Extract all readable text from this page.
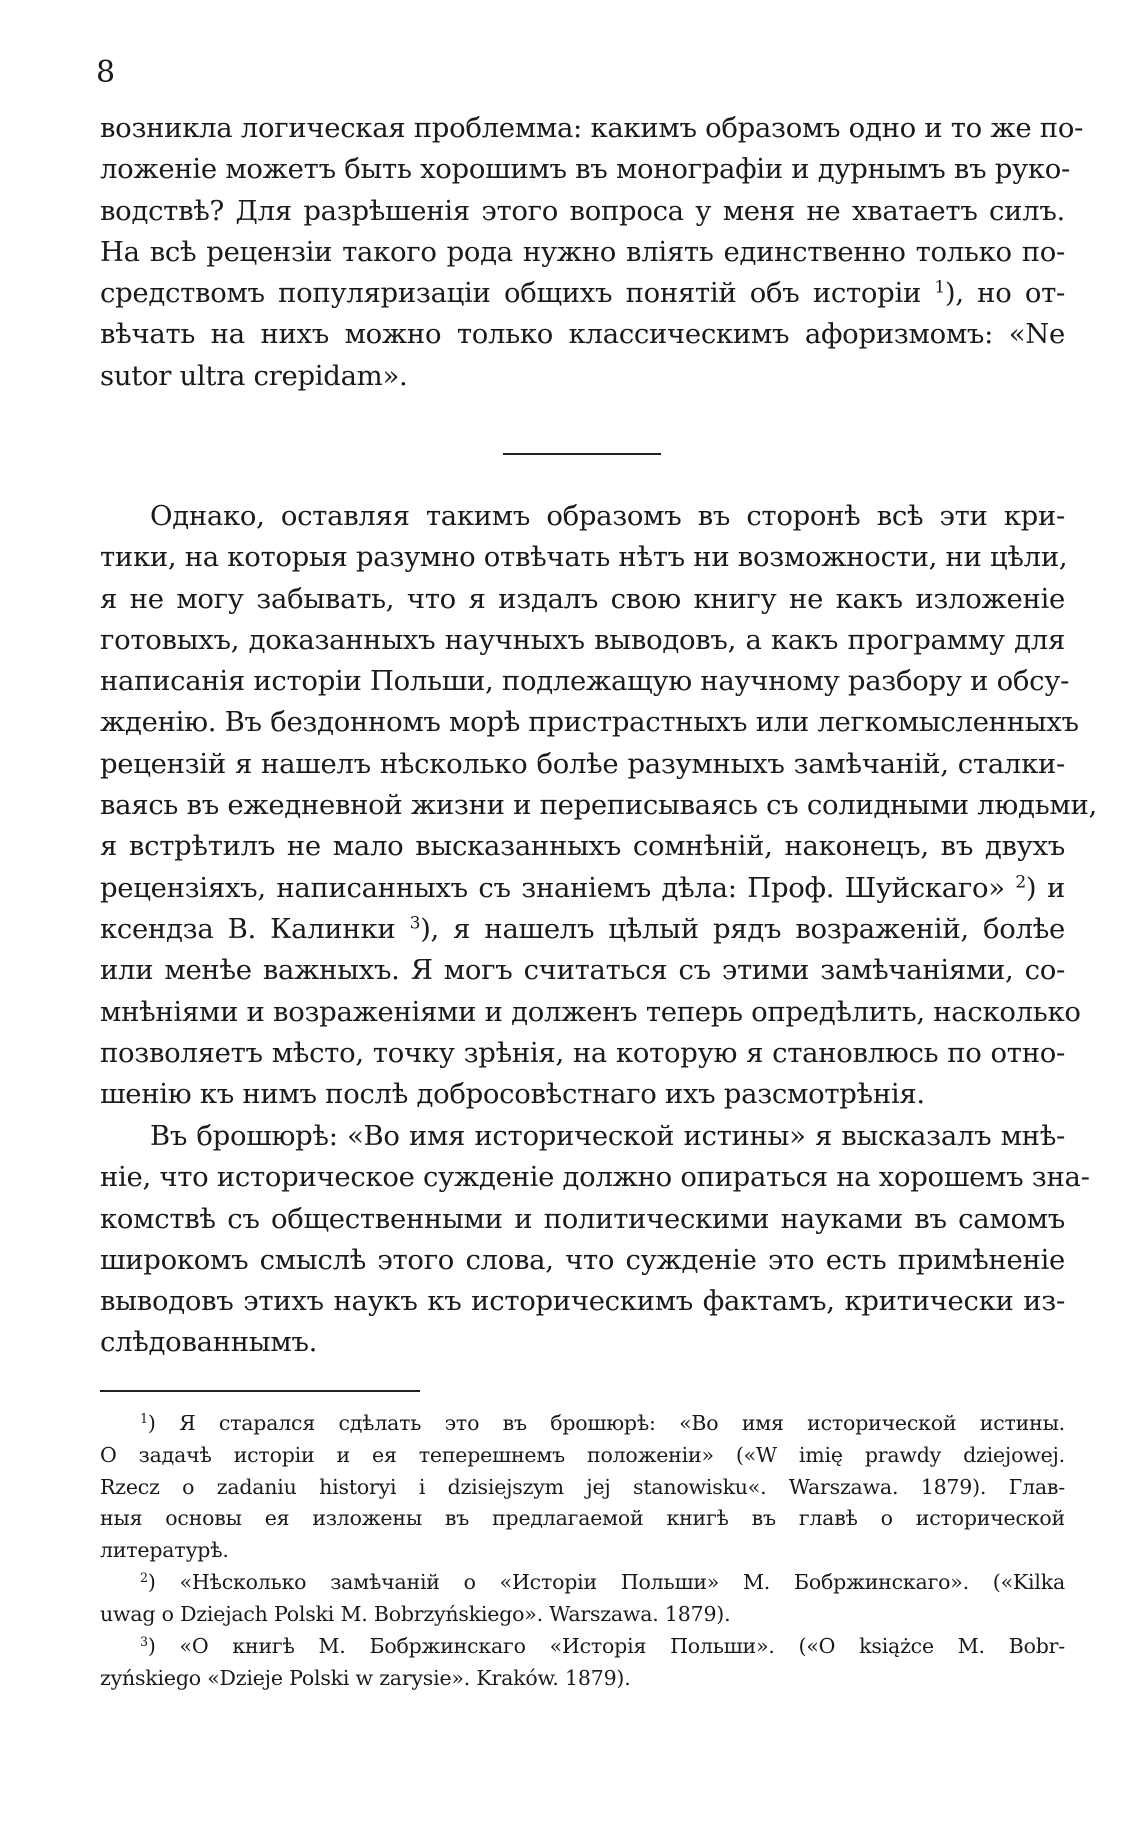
8
возникла логическая проблемма: какимъ образомъ одно и то же по-
ложеніе можетъ быть хорошимъ въ монографіи и дурнымъ въ руко-
водствѣ? Для разрѣшенія этого вопроса у меня не хватаетъ силъ.
На всѣ рецензіи такого рода нужно влiять единственно только по-
средствомъ популяризаціи общихъ понятій объ исторіи $^1$), но от-
вѣчать на нихъ можно только классическимъ афоризмомъ: «Ne
sutor ultra crepidam».
Однако, оставляя такимъ образомъ въ сторонѣ всѣ эти кри-
тики, на которыя разумно отвѣчать нѣтъ ни возможности, ни цѣли,
я не могу забывать, что я издалъ свою книгу не какъ изложеніе
готовыхъ, доказанныхъ научныхъ выводовъ, а какъ программу для
написанія исторіи Польши, подлежащую научному разбору и обсу-
жденію. Въ бездонномъ морѣ пристрастныхъ или легкомысленныхъ
рецензій я нашелъ нѣсколько болѣе разумныхъ замѣчаній, сталки-
ваясь въ ежедневной жизни и переписываясь съ солидными людьми,
я встрѣтилъ не мало высказанныхъ сомнѣній, наконецъ, въ двухъ
рецензіяхъ, написанныхъ съ знаніемъ дѣла: Проф. Шуйскаго» $^2$) и
ксендза В. Калинки $^3$), я нашелъ цѣлый рядъ возраженій, болѣе
или менѣе важныхъ. Я могъ считаться съ этими замѣчаніями, со-
мнѣніями и возраженіями и долженъ теперь опредѣлить, насколько
позволяетъ мѣсто, точку зрѣнія, на которую я становлюсь по отно-
шенію къ нимъ послѣ добросовѣстнаго ихъ разсмотрѣнія.
Въ брошюрѣ: «Во имя исторической истины» я высказалъ мнѣ-
ніе, что историческое сужденіе должно опираться на хорошемъ зна-
комствѣ съ общественными и политическими науками въ самомъ
широкомъ смыслѣ этого слова, что сужденіе это есть примѣненіе
выводовъ этихъ наукъ къ историческимъ фактамъ, критически из-
слѣдованнымъ.
$^1$) Я старался сдѣлать это въ брошюрѣ: «Во имя исторической истины.
О задачѣ исторіи и ея теперешнемъ положеніи» («W imię prawdy dziejowej.
Rzecz o zadaniu historyi i dzisiejszym jej stanowisku«. Warszawa. 1879). Глав-
ныя основы ея изложены въ предлагаемой книгѣ въ главѣ о исторической
литературѣ.
$^2$) «Нѣсколько замѣчаній о «Исторіи Польши» М. Бобржинскаго». («Kilka
uwag o Dziejach Polski M. Bobrzyńskiego». Warszawa. 1879).
$^3$) «О книгѣ М. Бобржинскаго «Исторія Польши». («O książce M. Bobr-
zyńskiego «Dzieje Polski w zarysie». Kraków. 1879).
